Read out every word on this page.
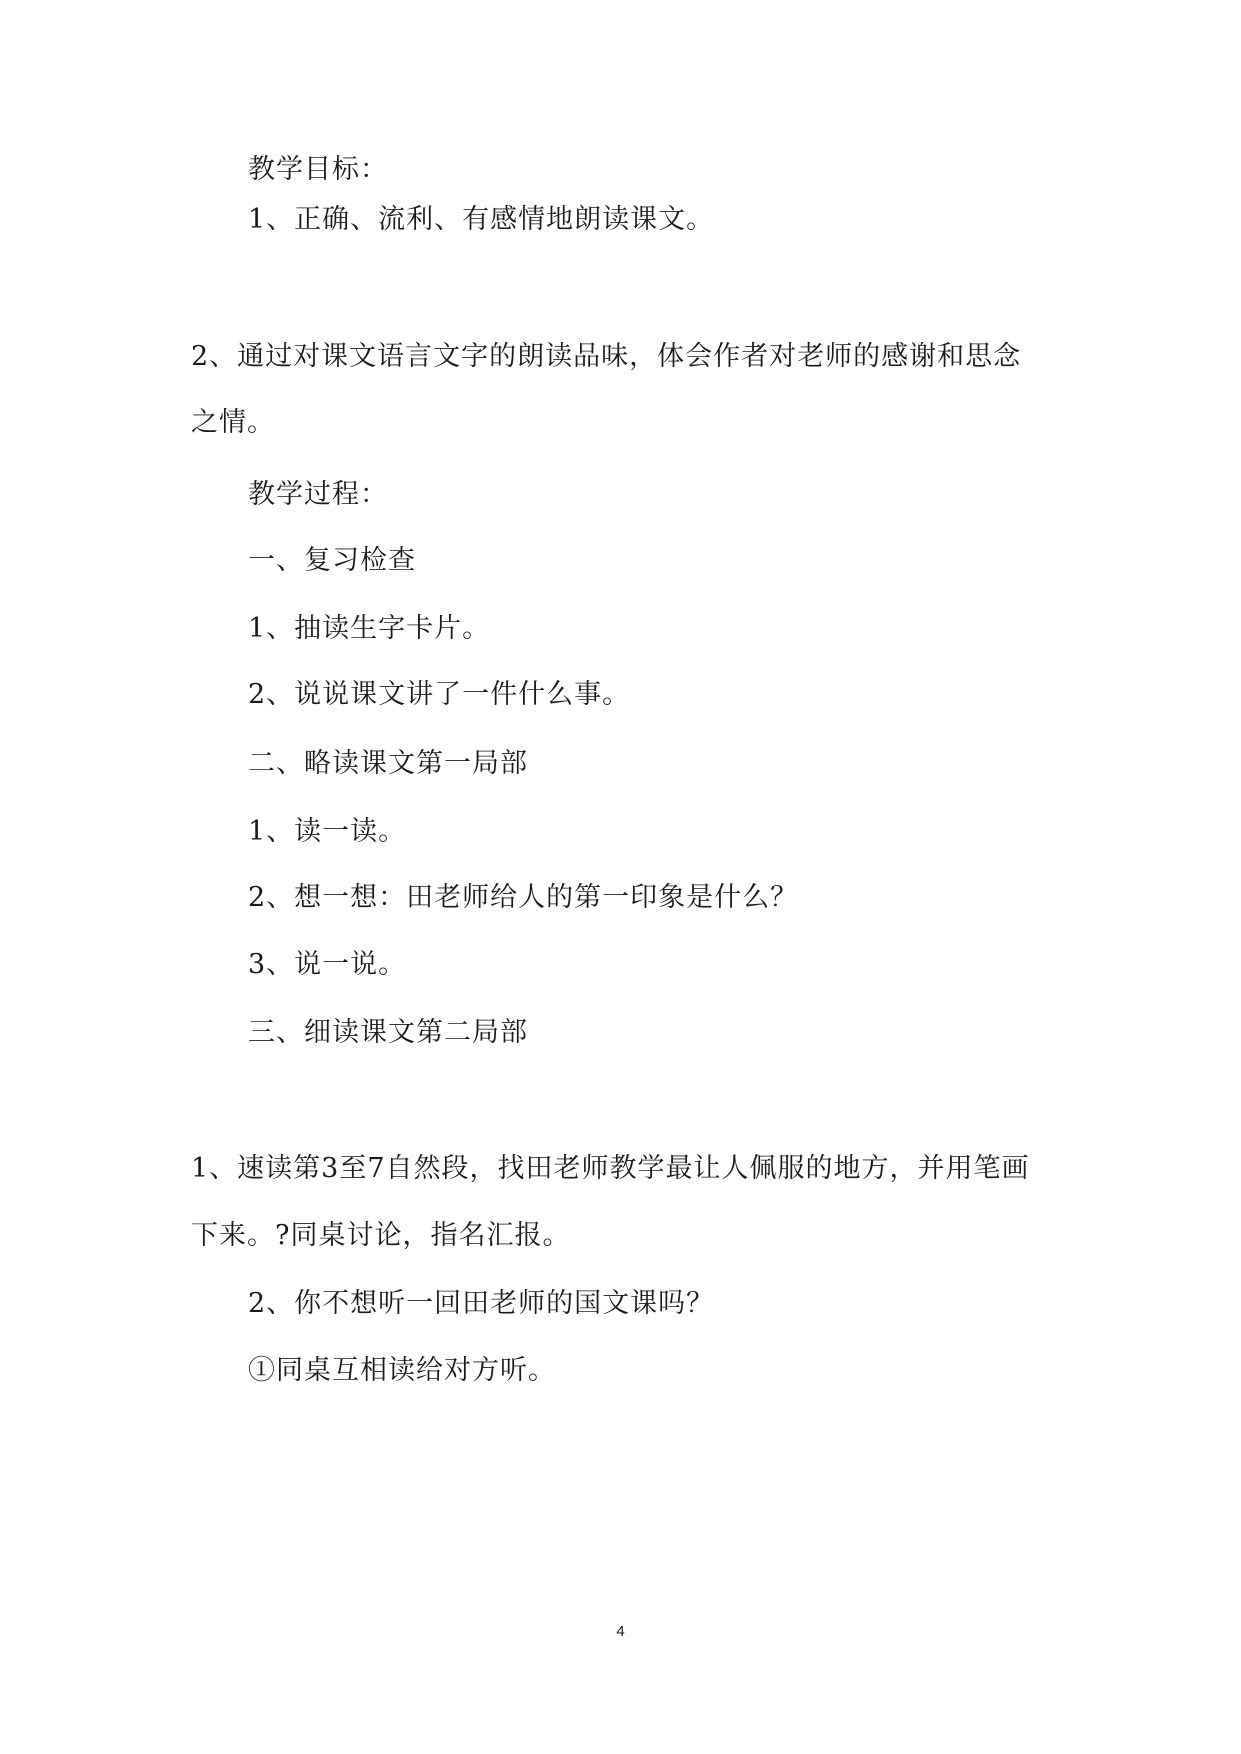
教学目标：
1、正确、流利、有感情地朗读课文。
2、通过对课文语言文字的朗读品味，体会作者对老师的感谢和思念
之情。
教学过程：
一、复习检查
1、抽读生字卡片。
2、说说课文讲了一件什么事。
二、略读课文第一局部
1、读一读。
2、想一想：田老师给人的第一印象是什么？
3、说一说。
三、细读课文第二局部
1、速读第3至7自然段，找田老师教学最让人佩服的地方，并用笔画
下来。?同桌讨论，指名汇报。
2、你不想听一回田老师的国文课吗？
①同桌互相读给对方听。
4
